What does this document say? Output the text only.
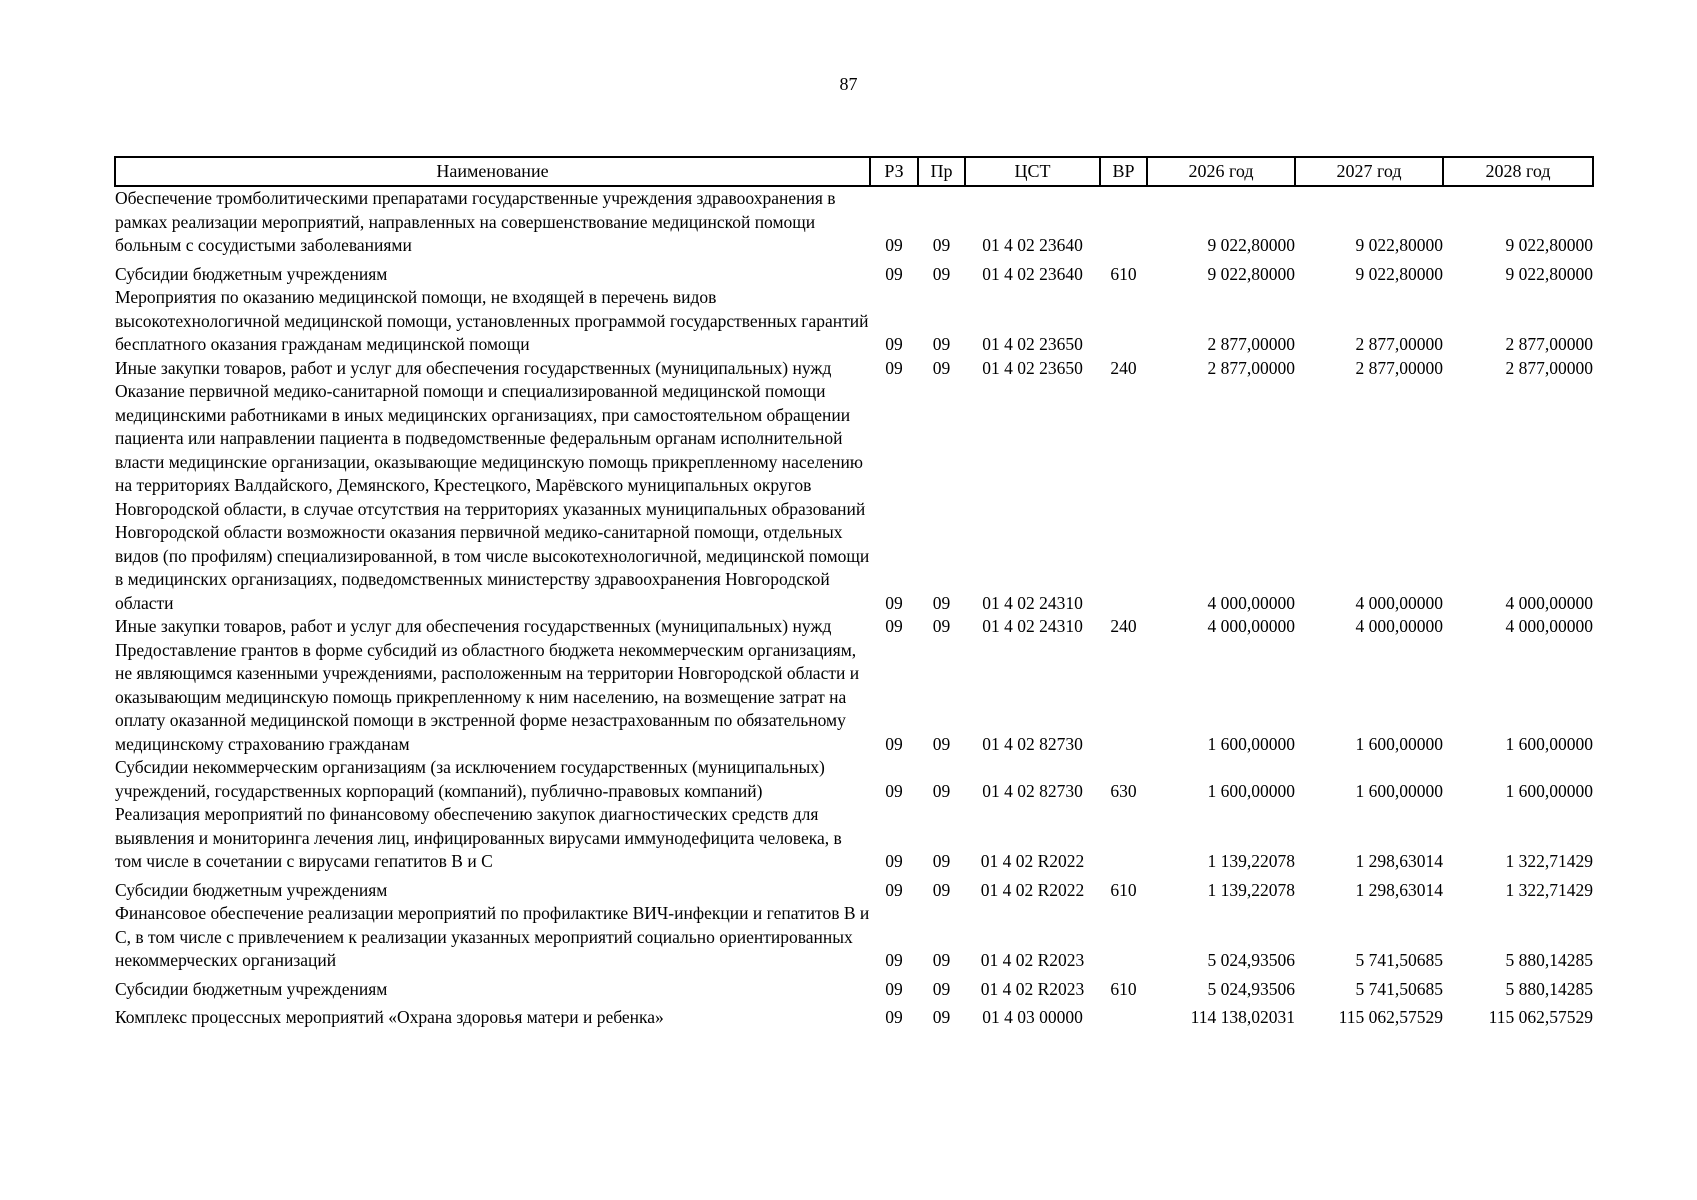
87
Наименование	РЗ	Пр	ЦСТ	ВР	2026 год	2027 год	2028 год
Обеспечение тромболитическими препаратами государственные учреждения здравоохранения в рамках реализации мероприятий, направленных на совершенствование медицинской помощи больным с сосудистыми заболеваниями	09	09	01 4 02 23640		9 022,80000	9 022,80000	9 022,80000
Субсидии бюджетным учреждениям	09	09	01 4 02 23640	610	9 022,80000	9 022,80000	9 022,80000
Мероприятия по оказанию медицинской помощи, не входящей в перечень видов высокотехнологичной медицинской помощи, установленных программой государственных гарантий бесплатного оказания гражданам медицинской помощи	09	09	01 4 02 23650		2 877,00000	2 877,00000	2 877,00000
Иные закупки товаров, работ и услуг для обеспечения государственных (муниципальных) нужд	09	09	01 4 02 23650	240	2 877,00000	2 877,00000	2 877,00000
Оказание первичной медико-санитарной помощи и специализированной медицинской помощи медицинскими работниками в иных медицинских организациях, при самостоятельном обращении пациента или направлении пациента в подведомственные федеральным органам исполнительной власти медицинские организации, оказывающие медицинскую помощь прикрепленному населению на территориях Валдайского, Демянского, Крестецкого, Марёвского муниципальных округов Новгородской области, в случае отсутствия на территориях указанных муниципальных образований Новгородской области возможности оказания первичной медико-санитарной помощи, отдельных видов (по профилям) специализированной, в том числе высокотехнологичной, медицинской помощи в медицинских организациях, подведомственных министерству здравоохранения Новгородской области	09	09	01 4 02 24310		4 000,00000	4 000,00000	4 000,00000
Иные закупки товаров, работ и услуг для обеспечения государственных (муниципальных) нужд	09	09	01 4 02 24310	240	4 000,00000	4 000,00000	4 000,00000
Предоставление грантов в форме субсидий из областного бюджета некоммерческим организациям, не являющимся казенными учреждениями, расположенным на территории Новгородской области и оказывающим медицинскую помощь прикрепленному к ним населению, на возмещение затрат на оплату оказанной медицинской помощи в экстренной форме незастрахованным по обязательному медицинскому страхованию гражданам	09	09	01 4 02 82730		1 600,00000	1 600,00000	1 600,00000
Субсидии некоммерческим организациям (за исключением государственных (муниципальных) учреждений, государственных корпораций (компаний), публично-правовых компаний)	09	09	01 4 02 82730	630	1 600,00000	1 600,00000	1 600,00000
Реализация мероприятий по финансовому обеспечению закупок диагностических средств для выявления и мониторинга лечения лиц, инфицированных вирусами иммунодефицита человека, в том числе в сочетании с вирусами гепатитов B и C	09	09	01 4 02 R2022		1 139,22078	1 298,63014	1 322,71429
Субсидии бюджетным учреждениям	09	09	01 4 02 R2022	610	1 139,22078	1 298,63014	1 322,71429
Финансовое обеспечение реализации мероприятий по профилактике ВИЧ-инфекции и гепатитов B и C, в том числе с привлечением к реализации указанных мероприятий социально ориентированных некоммерческих организаций	09	09	01 4 02 R2023		5 024,93506	5 741,50685	5 880,14285
Субсидии бюджетным учреждениям	09	09	01 4 02 R2023	610	5 024,93506	5 741,50685	5 880,14285
Комплекс процессных мероприятий «Охрана здоровья матери и ребенка»	09	09	01 4 03 00000		114 138,02031	115 062,57529	115 062,57529
